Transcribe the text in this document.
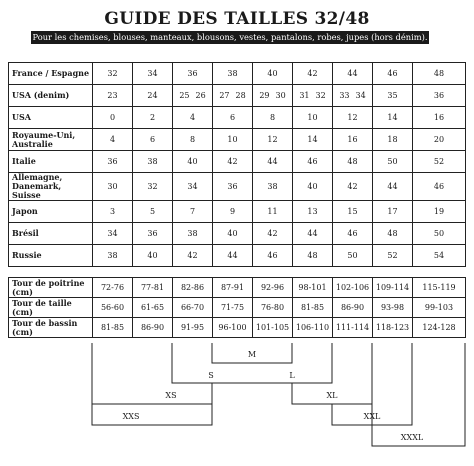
GUIDE DES TAILLES 32/48
Pour les chemises, blouses, manteaux, blousons, vestes, pantalons, robes, jupes (hors dénim).
France / Espagne	32	34	36	38	40	42	44	46	48
USA (denim)	23	24	25 26	27 28	29 30	31 32	33 34	35	36

USA	0	2	4	6	8	10	12	14	16
Royaume-Uni, Australie	4	6	8	10	12	14	16	18	20
Italie	36	38	40	42	44	46	48	50	52
Allemagne, Danemark, Suisse	30	32	34	36	38	40	42	44	46
Japon	3	5	7	9	11	13	15	17	19
Brésil	34	36	38	40	42	44	46	48	50
Russie	38	40	42	44	46	48	50	52	54
Tour de poitrine (cm)	72-76	77-81	82-86	87-91	92-96	98-101	102-106	109-114	115-119
Tour de taille (cm)	56-60	61-65	66-70	71-75	76-80	81-85	86-90	93-98	99-103
Tour de bassin (cm)	81-85	86-90	91-95	96-100	101-105	106-110	111-114	118-123	124-128
M
S	L
XS	XL
XXS	XXL
XXXL
